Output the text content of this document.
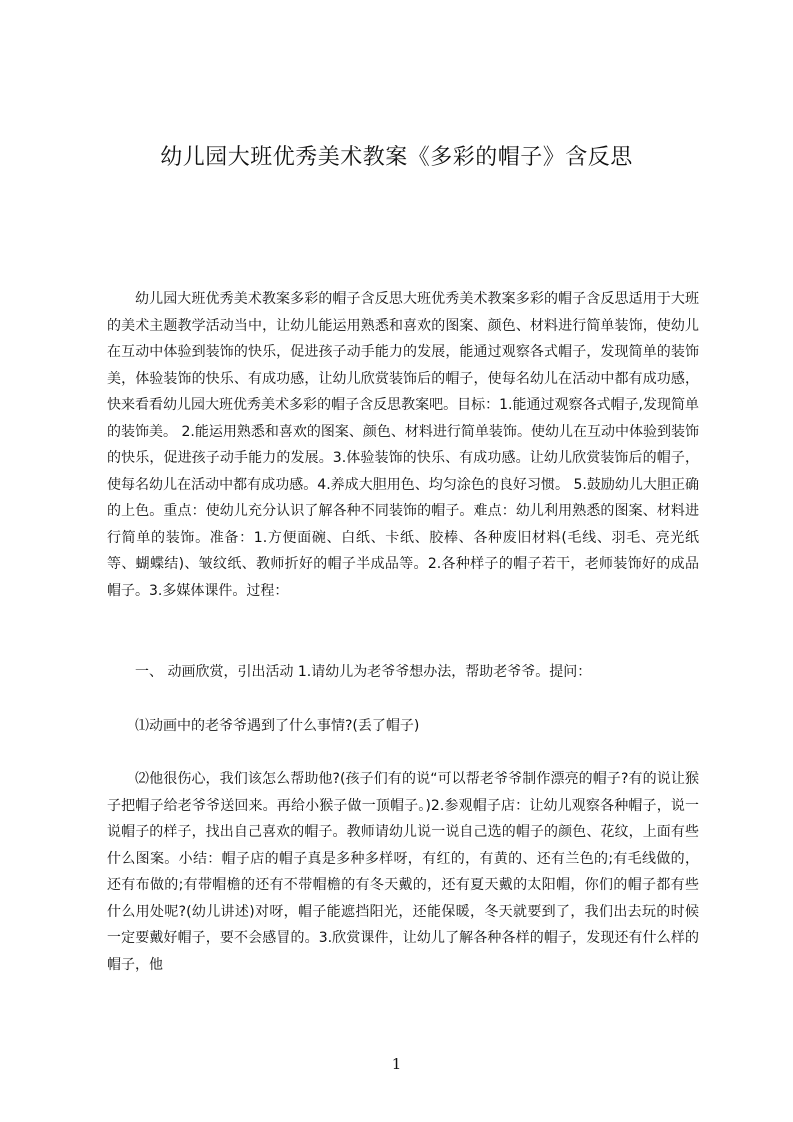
幼儿园大班优秀美术教案《多彩的帽子》含反思

幼儿园大班优秀美术教案多彩的帽子含反思大班优秀美术教案多彩的帽子含反思适用于大班的美术主题教学活动当中，让幼儿能运用熟悉和喜欢的图案、颜色、材料进行简单装饰，使幼儿在互动中体验到装饰的快乐，促进孩子动手能力的发展，能通过观察各式帽子，发现简单的装饰美，体验装饰的快乐、有成功感，让幼儿欣赏装饰后的帽子，使每名幼儿在活动中都有成功感，快来看看幼儿园大班优秀美术多彩的帽子含反思教案吧。目标：1.能通过观察各式帽子,发现简单的装饰美。 2.能运用熟悉和喜欢的图案、颜色、材料进行简单装饰。使幼儿在互动中体验到装饰的快乐，促进孩子动手能力的发展。3.体验装饰的快乐、有成功感。让幼儿欣赏装饰后的帽子，使每名幼儿在活动中都有成功感。4.养成大胆用色、均匀涂色的良好习惯。 5.鼓励幼儿大胆正确的上色。重点：使幼儿充分认识了解各种不同装饰的帽子。难点：幼儿利用熟悉的图案、材料进行简单的装饰。准备：1.方便面碗、白纸、卡纸、胶棒、各种废旧材料(毛线、羽毛、亮光纸等、蝴蝶结)、皱纹纸、教师折好的帽子半成品等。2.各种样子的帽子若干，老师装饰好的成品帽子。3.多媒体课件。过程：

一、 动画欣赏，引出活动 1.请幼儿为老爷爷想办法，帮助老爷爷。提问：

⑴动画中的老爷爷遇到了什么事情?(丢了帽子)

⑵他很伤心，我们该怎么帮助他?(孩子们有的说“可以帮老爷爷制作漂亮的帽子?有的说让猴子把帽子给老爷爷送回来。再给小猴子做一顶帽子。)2.参观帽子店：让幼儿观察各种帽子，说一说帽子的样子，找出自己喜欢的帽子。教师请幼儿说一说自己选的帽子的颜色、花纹，上面有些什么图案。小结：帽子店的帽子真是多种多样呀，有红的，有黄的、还有兰色的;有毛线做的，还有布做的;有带帽檐的还有不带帽檐的有冬天戴的，还有夏天戴的太阳帽，你们的帽子都有些什么用处呢?(幼儿讲述)对呀，帽子能遮挡阳光，还能保暖，冬天就要到了，我们出去玩的时候一定要戴好帽子，要不会感冒的。3.欣赏课件，让幼儿了解各种各样的帽子，发现还有什么样的帽子，他

1
